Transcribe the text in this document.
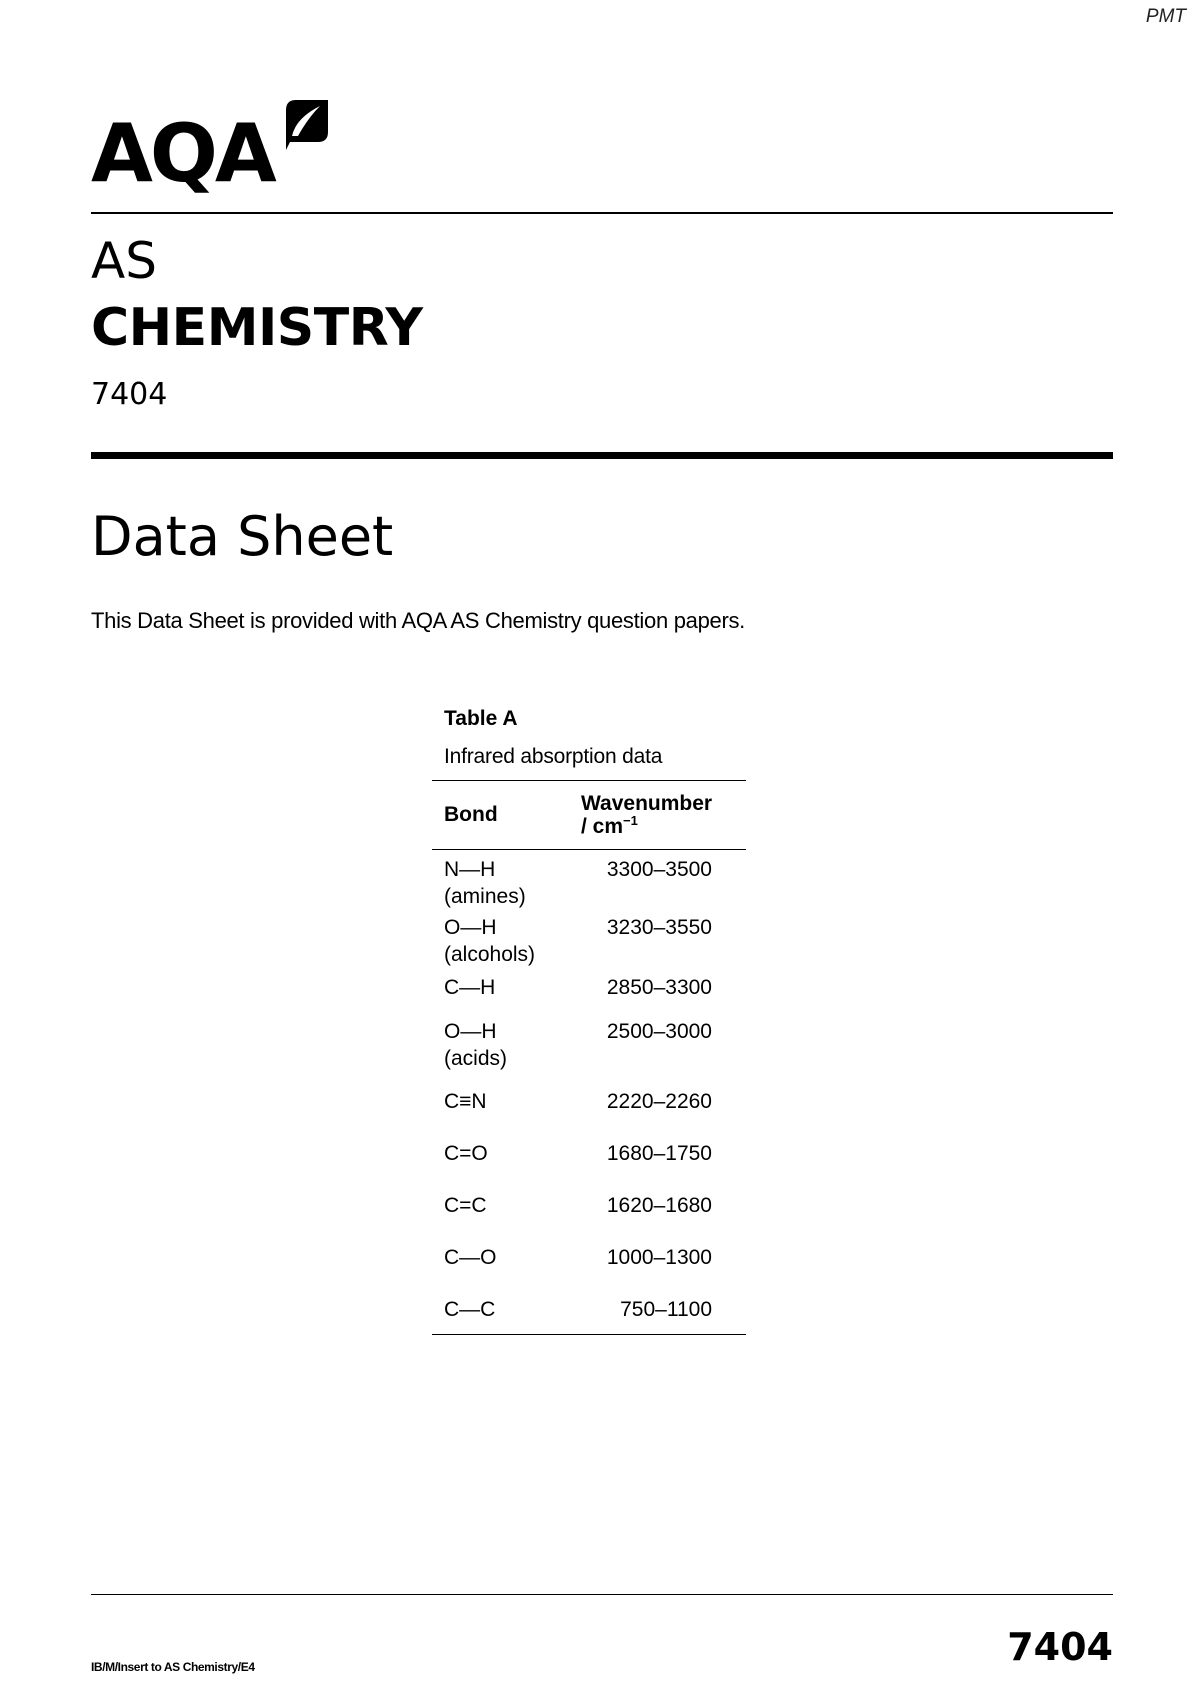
PMT
AQA
AS
CHEMISTRY
7404
Data Sheet
This Data Sheet is provided with AQA AS Chemistry question papers.
Table A
Infrared absorption data
Bond	Wavenumber
/ $cm^{-1}$

N—H
(amines)	3300–3500

O—H
(alcohols)	3230–3550

C—H	2850–3300

O—H
(acids)	2500–3000

C≡N	2220–2260

C=O	1680–1750

C=C	1620–1680

C—O	1000–1300

C—C	750–1100
IB/M/Insert to AS Chemistry/E4	7404
